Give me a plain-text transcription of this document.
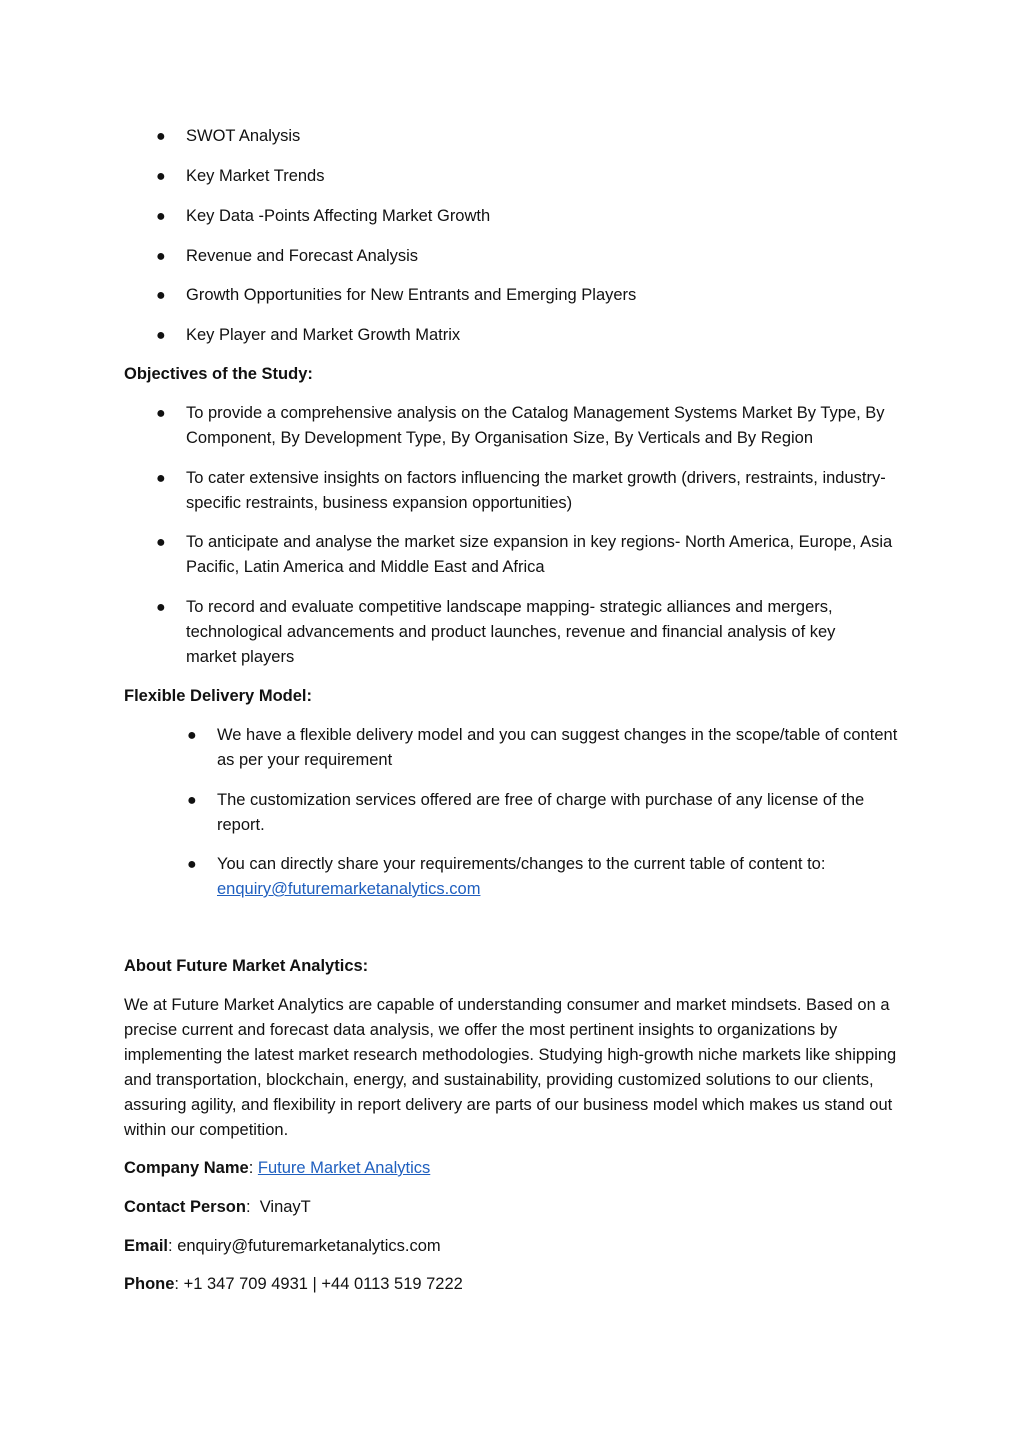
● SWOT Analysis
● Key Market Trends
● Key Data -Points Affecting Market Growth
● Revenue and Forecast Analysis
● Growth Opportunities for New Entrants and Emerging Players
● Key Player and Market Growth Matrix
Objectives of the Study:
● To provide a comprehensive analysis on the Catalog Management Systems Market By Type, By Component, By Development Type, By Organisation Size, By Verticals and By Region
● To cater extensive insights on factors influencing the market growth (drivers, restraints, industry-specific restraints, business expansion opportunities)
● To anticipate and analyse the market size expansion in key regions- North America, Europe, Asia Pacific, Latin America and Middle East and Africa
● To record and evaluate competitive landscape mapping- strategic alliances and mergers, technological advancements and product launches, revenue and financial analysis of key market players
Flexible Delivery Model:
● We have a flexible delivery model and you can suggest changes in the scope/table of content as per your requirement
● The customization services offered are free of charge with purchase of any license of the report.
● You can directly share your requirements/changes to the current table of content to: enquiry@futuremarketanalytics.com
About Future Market Analytics:
We at Future Market Analytics are capable of understanding consumer and market mindsets. Based on a precise current and forecast data analysis, we offer the most pertinent insights to organizations by implementing the latest market research methodologies. Studying high-growth niche markets like shipping and transportation, blockchain, energy, and sustainability, providing customized solutions to our clients, assuring agility, and flexibility in report delivery are parts of our business model which makes us stand out within our competition.
Company Name: Future Market Analytics
Contact Person:  VinayT
Email: enquiry@futuremarketanalytics.com
Phone: +1 347 709 4931 | +44 0113 519 7222
